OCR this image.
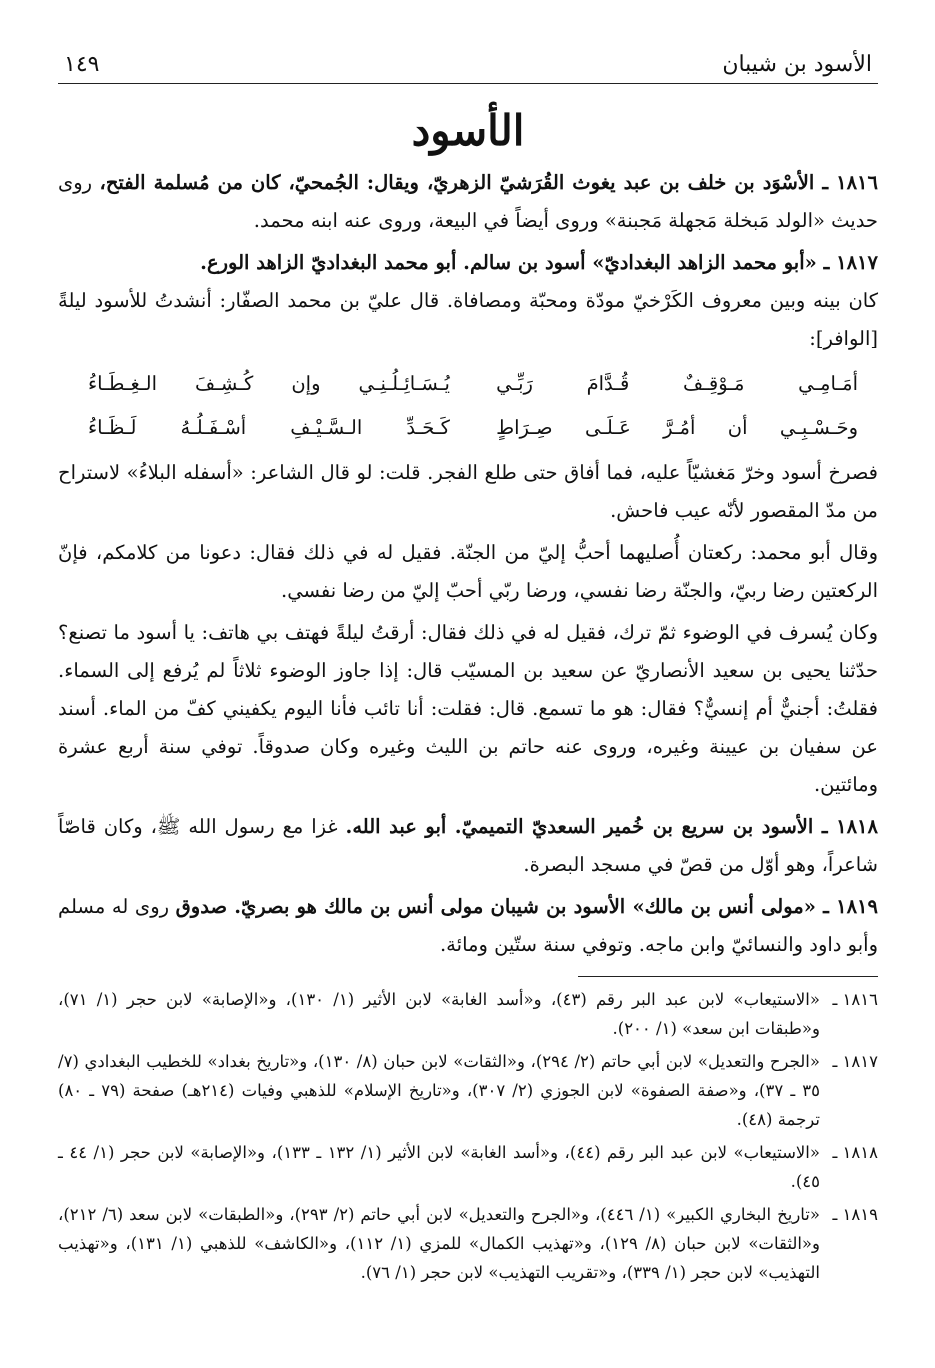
الأسود بن شيبان
١٤٩
الأسود

١٨١٦ ـ الأسْوَد بن خلف بن عبد يغوث القُرَشيّ الزهريّ، ويقال: الجُمحيّ، كان من مُسلمة الفتح، روى حديث «الولد مَبخلة مَجهلة مَجبنة» وروى أيضاً في البيعة، وروى عنه ابنه محمد.

١٨١٧ ـ «أبو محمد الزاهد البغداديّ» أسود بن سالم. أبو محمد البغداديّ الزاهد الورع.

كان بينه وبين معروف الكَرْخيّ مودّة ومحبّة ومصافاة. قال عليّ بن محمد الصفّار: أنشدتُ للأسود ليلةً [الوافر]:

أمَـامِـي مَـوْقِـفٌ قُـدَّامَ رَبِّـي
يُـسَـائِـلُـنِـي وإن كُـشِـفَ الـغِـطَـاءُ
وحَـسْـبِـي أن أمُـرَّ عَـلَـى صِـرَاطٍ
كَـحَـدِّ الـسَّـيْـفِ أسْـفَـلُـهُ لَـظَـاءُ

فصرخ أسود وخرّ مَغشيّاً عليه، فما أفاق حتى طلع الفجر. قلت: لو قال الشاعر: «أسفله البلاءُ» لاستراح من مدّ المقصور لأنّه عيب فاحش.

وقال أبو محمد: ركعتان أُصليهما أحبُّ إليّ من الجنّة. فقيل له في ذلك فقال: دعونا من كلامكم، فإنّ الركعتين رضا ربيّ، والجنّة رضا نفسي، ورضا ربّي أحبّ إليّ من رضا نفسي.

وكان يُسرف في الوضوء ثمّ ترك، فقيل له في ذلك فقال: أرقتُ ليلةً فهتف بي هاتف: يا أسود ما تصنع؟ حدّثنا يحيى بن سعيد الأنصاريّ عن سعيد بن المسيّب قال: إذا جاوز الوضوء ثلاثاً لم يُرفع إلى السماء. فقلتُ: أجنيٌّ أم إنسيٌّ؟ فقال: هو ما تسمع. قال: فقلت: أنا تائب فأنا اليوم يكفيني كفّ من الماء. أسند عن سفيان بن عيينة وغيره، وروى عنه حاتم بن الليث وغيره وكان صدوقاً. توفي سنة أربع عشرة ومائتين.

١٨١٨ ـ الأسود بن سريع بن خُمير السعديّ التميميّ. أبو عبد الله. غزا مع رسول الله ﷺ، وكان قاصّاً شاعراً، وهو أوّل من قصّ في مسجد البصرة.

١٨١٩ ـ «مولى أنس بن مالك» الأسود بن شيبان مولى أنس بن مالك هو بصريّ. صدوق روى له مسلم وأبو داود والنسائيّ وابن ماجه. وتوفي سنة ستّين ومائة.

١٨١٦ ـ
«الاستيعاب» لابن عبد البر رقم (٤٣)، و«أسد الغابة» لابن الأثير (١/ ١٣٠)، و«الإصابة» لابن حجر (١/ ٧١)، و«طبقات ابن سعد» (١/ ٢٠٠).
١٨١٧ ـ
«الجرح والتعديل» لابن أبي حاتم (٢/ ٢٩٤)، و«الثقات» لابن حبان (٨/ ١٣٠)، و«تاريخ بغداد» للخطيب البغدادي (٧/ ٣٥ ـ ٣٧)، و«صفة الصفوة» لابن الجوزي (٢/ ٣٠٧)، و«تاريخ الإسلام» للذهبي وفيات (٢١٤هـ) صفحة (٧٩ ـ ٨٠) ترجمة (٤٨).
١٨١٨ ـ
«الاستيعاب» لابن عبد البر رقم (٤٤)، و«أسد الغابة» لابن الأثير (١/ ١٣٢ ـ ١٣٣)، و«الإصابة» لابن حجر (١/ ٤٤ ـ ٤٥).
١٨١٩ ـ
«تاريخ البخاري الكبير» (١/ ٤٤٦)، و«الجرح والتعديل» لابن أبي حاتم (٢/ ٢٩٣)، و«الطبقات» لابن سعد (٦/ ٢١٢)، و«الثقات» لابن حبان (٨/ ١٢٩)، و«تهذيب الكمال» للمزي (١/ ١١٢)، و«الكاشف» للذهبي (١/ ١٣١)، و«تهذيب التهذيب» لابن حجر (١/ ٣٣٩)، و«تقريب التهذيب» لابن حجر (١/ ٧٦).
